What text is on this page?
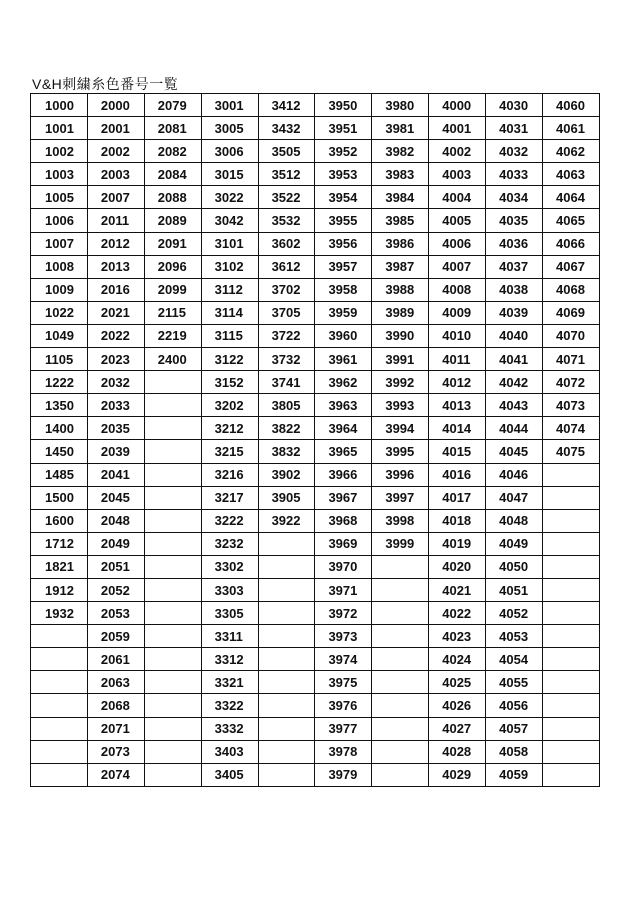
V&H刺繍糸色番号一覧
1000	2000	2079	3001	3412	3950	3980	4000	4030	4060
1001	2001	2081	3005	3432	3951	3981	4001	4031	4061
1002	2002	2082	3006	3505	3952	3982	4002	4032	4062
1003	2003	2084	3015	3512	3953	3983	4003	4033	4063
1005	2007	2088	3022	3522	3954	3984	4004	4034	4064
1006	2011	2089	3042	3532	3955	3985	4005	4035	4065
1007	2012	2091	3101	3602	3956	3986	4006	4036	4066
1008	2013	2096	3102	3612	3957	3987	4007	4037	4067
1009	2016	2099	3112	3702	3958	3988	4008	4038	4068
1022	2021	2115	3114	3705	3959	3989	4009	4039	4069
1049	2022	2219	3115	3722	3960	3990	4010	4040	4070
1105	2023	2400	3122	3732	3961	3991	4011	4041	4071
1222	2032		3152	3741	3962	3992	4012	4042	4072
1350	2033		3202	3805	3963	3993	4013	4043	4073
1400	2035		3212	3822	3964	3994	4014	4044	4074
1450	2039		3215	3832	3965	3995	4015	4045	4075
1485	2041		3216	3902	3966	3996	4016	4046	
1500	2045		3217	3905	3967	3997	4017	4047	
1600	2048		3222	3922	3968	3998	4018	4048	
1712	2049		3232		3969	3999	4019	4049	
1821	2051		3302		3970		4020	4050	
1912	2052		3303		3971		4021	4051	
1932	2053		3305		3972		4022	4052	
	2059		3311		3973		4023	4053	
	2061		3312		3974		4024	4054	
	2063		3321		3975		4025	4055	
	2068		3322		3976		4026	4056	
	2071		3332		3977		4027	4057	
	2073		3403		3978		4028	4058	
	2074		3405		3979		4029	4059	
